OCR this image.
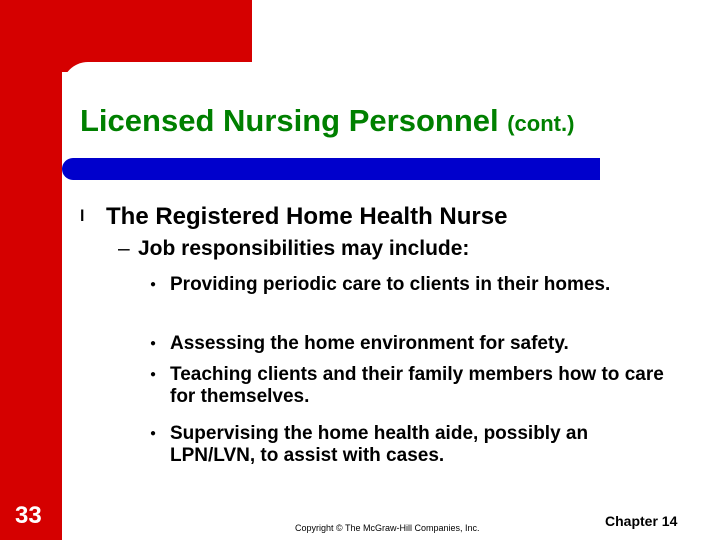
Licensed Nursing Personnel (cont.)
l The Registered Home Health Nurse
– Job responsibilities may include:
● Providing periodic care to clients in their homes.
● Assessing the home environment for safety.
● Teaching clients and their family members how to care for themselves.
● Supervising the home health aide, possibly an LPN/LVN, to assist with cases.
33	Copyright © The McGraw-Hill Companies, Inc.	Chapter 14
